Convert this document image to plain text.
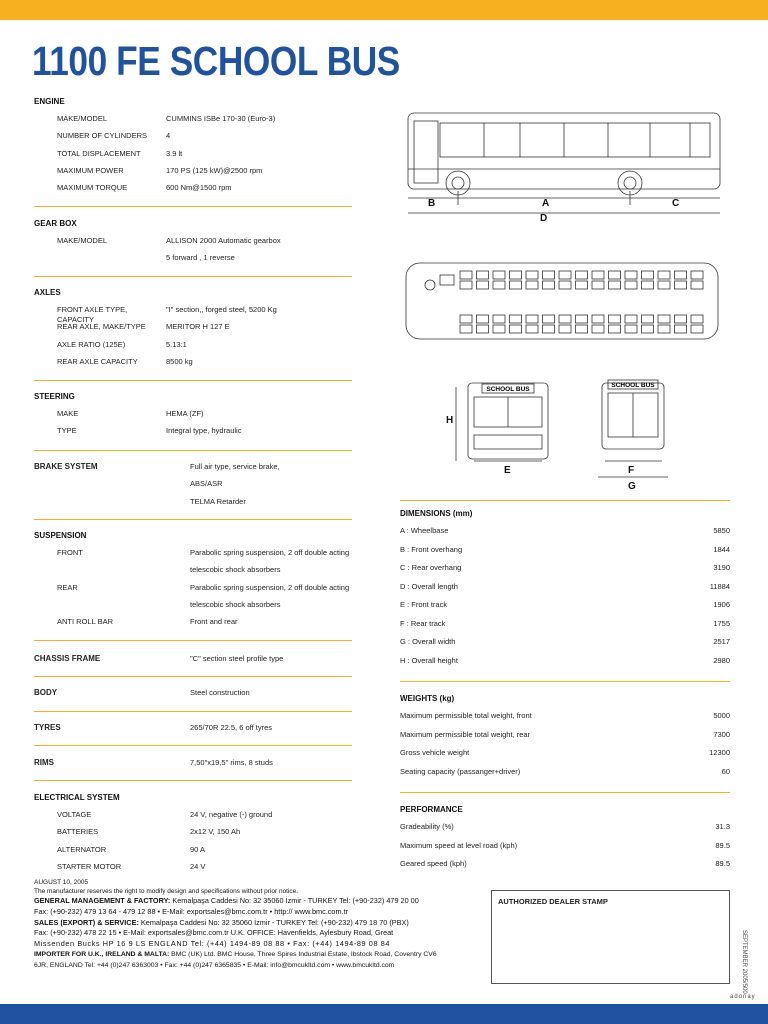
1100 FE SCHOOL BUS
ENGINE
MAKE/MODEL	CUMMINS ISBe 170-30 (Euro-3)
NUMBER OF CYLINDERS	4
TOTAL DISPLACEMENT	3.9 lt
MAXIMUM POWER	170 PS (125 kW)@2500 rpm
MAXIMUM TORQUE	600 Nm@1500 rpm
GEAR BOX
MAKE/MODEL	ALLISON 2000 Automatic gearbox
5 forward , 1 reverse
AXLES
FRONT AXLE TYPE, CAPACITY
"I" section,, forged steel, 5200 Kg
REAR AXLE, MAKE/TYPE	MERITOR H 127 E
AXLE RATIO (125E)	5.13:1
REAR AXLE CAPACITY	8500 kg
STEERING
MAKE	HEMA (ZF)
TYPE	Integral type, hydraulic
BRAKE SYSTEM	Full air type, service brake,
ABS/ASR
TELMA Retarder
SUSPENSION
FRONT	Parabolic spring suspension, 2 off double acting
telescobic shock absorbers
REAR	Parabolic spring suspension, 2 off double acting
telescobic shock absorbers
ANTI ROLL BAR	Front and rear
CHASSIS FRAME	"C" section steel profile type
BODY	Steel construction
TYRES	265/70R 22.5, 6 off tyres
RIMS	7,50"x19,5" rims, 8 studs
ELECTRICAL SYSTEM
VOLTAGE	24 V, negative (-) ground
BATTERIES	2x12 V, 150 Ah
ALTERNATOR	90 A
STARTER MOTOR	24 V
B	A	C
D
SCHOOL BUS
H
E
SCHOOL BUS
F
G
DIMENSIONS (mm)
A : Wheelbase	5850
B : Front overhang	1844
C : Rear overhang	3190
D : Overall length	11884
E : Front track	1906
F : Rear track	1755
G : Overall width	2517
H : Overall height	2980
WEIGHTS (kg)
Maximum permissible total weight, front	5000
Maximum permissible total weight, rear	7300
Gross vehicle weight	12300
Seating capacity (passanger+driver)	60
PERFORMANCE
Gradeability (%)	31.3
Maximum speed at level road (kph)	89.5
Geared speed (kph)	89.5
AUGUST 10, 2005
The manufacturer reserves the right to modify design and specifications without prior notice.
GENERAL MANAGEMENT & FACTORY: Kemalpaşa Caddesi No: 32 35060 İzmir - TURKEY Tel: (+90-232) 479 20 00
Fax: (+90-232) 479 13 64 - 479 12 88 • E-Mail: exportsales@bmc.com.tr • http:// www.bmc.com.tr
SALES (EXPORT) & SERVICE: Kemalpaşa Caddesi No: 32 35060 İzmir - TURKEY Tel: (+90-232) 479 18 70 (PBX)
Fax: (+90-232) 478 22 15 • E-Mail: exportsales@bmc.com.tr U.K. OFFICE: Havenfields, Aylesbury Road, Great
Missenden Bucks HP 16 9 LS ENGLAND Tel: (+44) 1494-89 08 88 • Fax: (+44) 1494-89 08 84
IMPORTER FOR U.K., IRELAND & MALTA: BMC (UK) Ltd. BMC House, Three Spires Industrial Estate, Ibstock Road, Coventry CV6
6JR, ENGLAND Tel: +44 (0)247 6363003 • Fax: +44 (0)247 6365835 • E-Mail: info@bmcukltd.com • www.bmcukltd.com
AUTHORIZED DEALER STAMP
SEPTEMBER 2005/500
adonay
